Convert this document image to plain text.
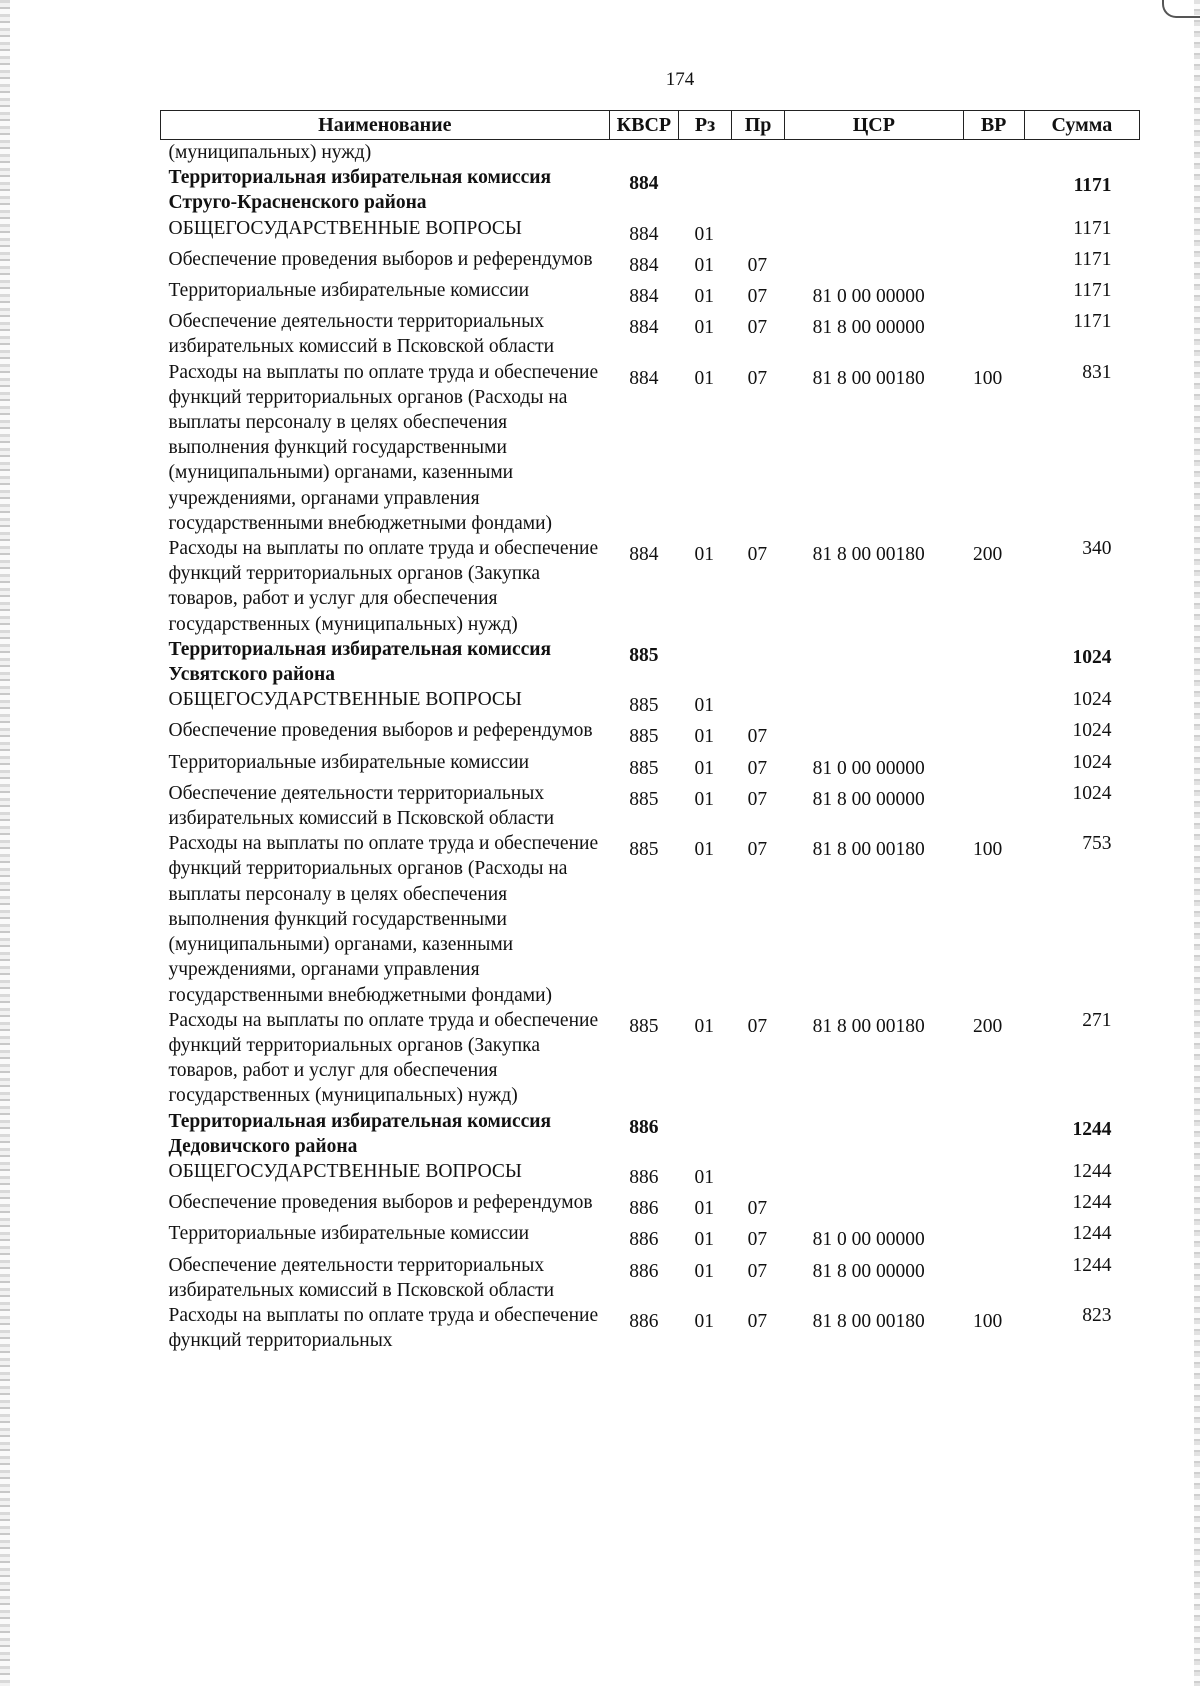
174
Наименование	КВСР	Рз	Пр	ЦСР	ВР	Сумма
(муниципальных) нужд)						
Территориальная избирательная комиссия Струго-Красненского района	884					1171
ОБЩЕГОСУДАРСТВЕННЫЕ ВОПРОСЫ	884	01				1171
Обеспечение проведения выборов и референдумов	884	01	07			1171
Территориальные избирательные комиссии	884	01	07	81 0 00 00000		1171
Обеспечение деятельности территориальных избирательных комиссий в Псковской области	884	01	07	81 8 00 00000		1171
Расходы на выплаты по оплате труда и обеспечение функций территориальных органов (Расходы на выплаты персоналу в целях обеспечения выполнения функций государственными (муниципальными) органами, казенными учреждениями, органами управления государственными внебюджетными фондами)	884	01	07	81 8 00 00180	100	831
Расходы на выплаты по оплате труда и обеспечение функций территориальных органов (Закупка товаров, работ и услуг для обеспечения государственных (муниципальных) нужд)	884	01	07	81 8 00 00180	200	340
Территориальная избирательная комиссия Усвятского района	885					1024
ОБЩЕГОСУДАРСТВЕННЫЕ ВОПРОСЫ	885	01				1024
Обеспечение проведения выборов и референдумов	885	01	07			1024
Территориальные избирательные комиссии	885	01	07	81 0 00 00000		1024
Обеспечение деятельности территориальных избирательных комиссий в Псковской области	885	01	07	81 8 00 00000		1024
Расходы на выплаты по оплате труда и обеспечение функций территориальных органов (Расходы на выплаты персоналу в целях обеспечения выполнения функций государственными (муниципальными) органами, казенными учреждениями, органами управления государственными внебюджетными фондами)	885	01	07	81 8 00 00180	100	753
Расходы на выплаты по оплате труда и обеспечение функций территориальных органов (Закупка товаров, работ и услуг для обеспечения государственных (муниципальных) нужд)	885	01	07	81 8 00 00180	200	271
Территориальная избирательная комиссия Дедовичского района	886					1244
ОБЩЕГОСУДАРСТВЕННЫЕ ВОПРОСЫ	886	01				1244
Обеспечение проведения выборов и референдумов	886	01	07			1244
Территориальные избирательные комиссии	886	01	07	81 0 00 00000		1244
Обеспечение деятельности территориальных избирательных комиссий в Псковской области	886	01	07	81 8 00 00000		1244
Расходы на выплаты по оплате труда и обеспечение функций территориальных	886	01	07	81 8 00 00180	100	823
